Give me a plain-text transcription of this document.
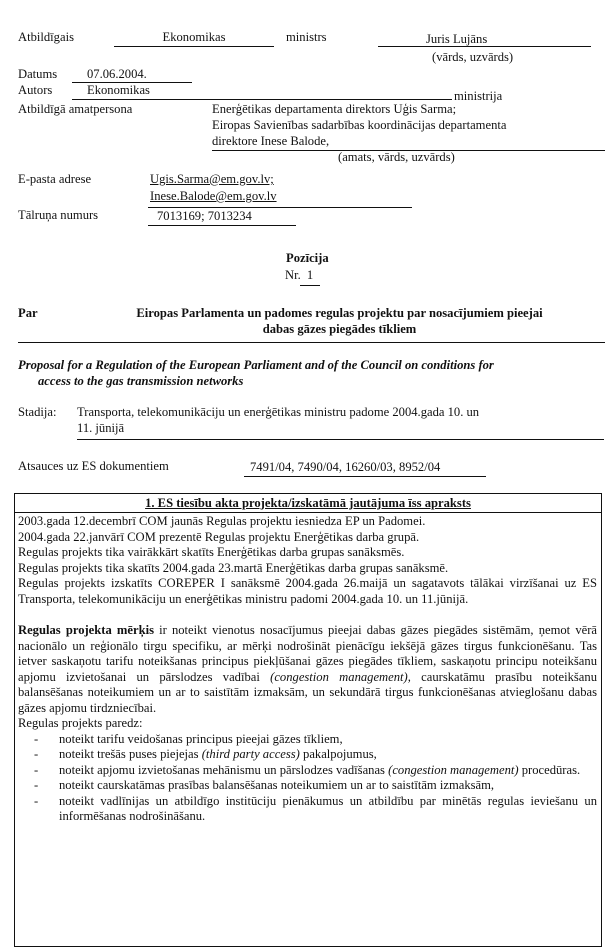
Atbildīgais	Ekonomikas	ministrs	Juris Lujāns
(vārds, uzvārds)
Datums 07.06.2004.
Autors	Ekonomikas	ministrija
Atbildīgā amatpersona	Enerģētikas departamenta direktors Uģis Sarma;
Eiropas Savienības sadarbības koordinācijas departamenta
direktore Inese Balode,
(amats, vārds, uzvārds)
E-pasta adrese	Ugis.Sarma@em.gov.lv;
Inese.Balode@em.gov.lv
Tālruņa numurs	7013169; 7013234
Pozīcija
Nr. 1
Par	Eiropas Parlamenta un padomes regulas projektu par nosacījumiem pieejai
dabas gāzes piegādes tīkliem
Proposal for a Regulation of the European Parliament and of the Council on conditions for
access to the gas transmission networks
Stadija: Transporta, telekomunikāciju un enerģētikas ministru padome 2004.gada 10. un
11. jūnijā
Atsauces uz ES dokumentiem	7491/04, 7490/04, 16260/03, 8952/04
1. ES tiesību akta projekta/izskatāmā jautājuma īss apraksts

2003.gada 12.decembrī COM jaunās Regulas projektu iesniedza EP un Padomei.

2004.gada 22.janvārī COM prezentē Regulas projektu Enerģētikas darba grupā.

Regulas projekts tika vairākkārt skatīts Enerģētikas darba grupas sanāksmēs.

Regulas projekts tika skatīts 2004.gada 23.martā Enerģētikas darba grupas sanāksmē.

Regulas projekts izskatīts COREPER I sanāksmē 2004.gada 26.maijā un sagatavots tālākai virzīšanai uz ES Transporta, telekomunikāciju un enerģētikas ministru padomi 2004.gada 10. un 11.jūnijā.

Regulas projekta mērķis ir noteikt vienotus nosacījumus pieejai dabas gāzes piegādes sistēmām, ņemot vērā nacionālo un reģionālo tirgu specifiku, ar mērķi nodrošināt pienācīgu iekšējā gāzes tirgus funkcionēšanu. Tas ietver saskaņotu tarifu noteikšanas principus piekļūšanai gāzes piegādes tīkliem, saskaņotu principu noteikšanu apjomu izvietošanai un pārslodzes vadībai (congestion management), caurskatāmu prasību noteikšanu balansēšanas noteikumiem un ar to saistītām izmaksām, un sekundārā tirgus funkcionēšanas atvieglošanu dabas gāzes apjomu tirdzniecībai.

Regulas projekts paredz:

- noteikt tarifu veidošanas principus pieejai gāzes tīkliem,
- noteikt trešās puses piejejas (third party access) pakalpojumus,
- noteikt apjomu izvietošanas mehānismu un pārslodzes vadīšanas (congestion management) procedūras.
- noteikt caurskatāmas prasības balansēšanas noteikumiem un ar to saistītām izmaksām,
- noteikt vadlīnijas un atbildīgo institūciju pienākumus un atbildību par minētās regulas ieviešanu un informēšanas nodrošināšanu.
